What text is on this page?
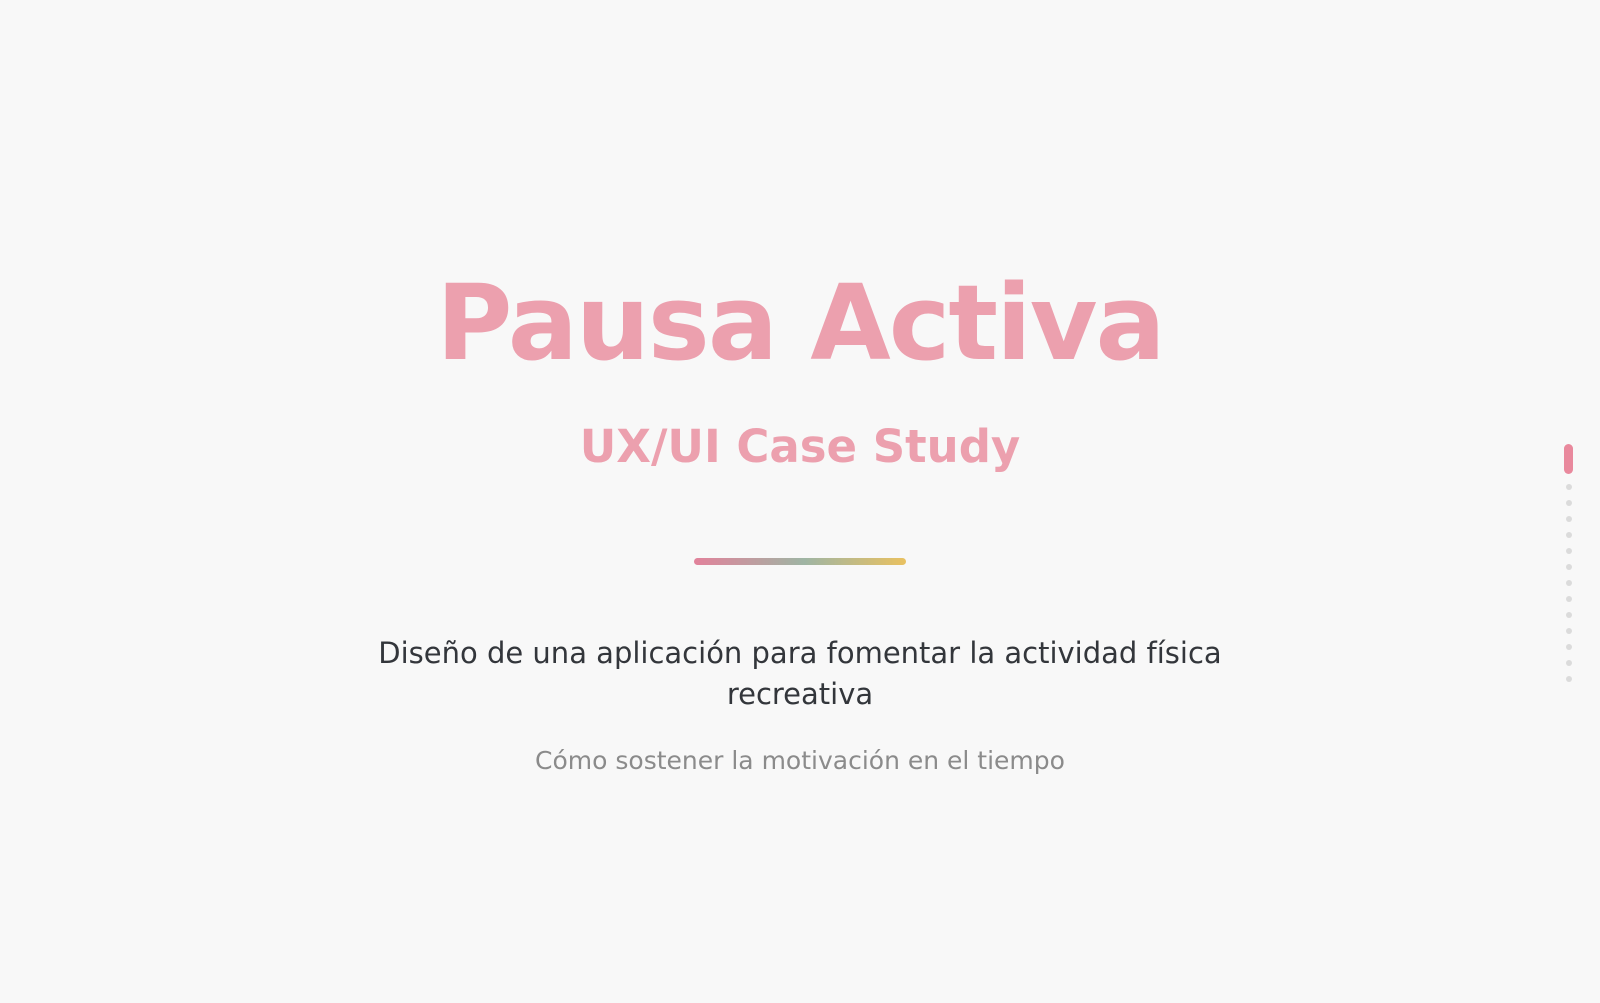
Pausa Activa
UX/UI Case Study

Diseño de una aplicación para fomentar la actividad física recreativa

Cómo sostener la motivación en el tiempo
